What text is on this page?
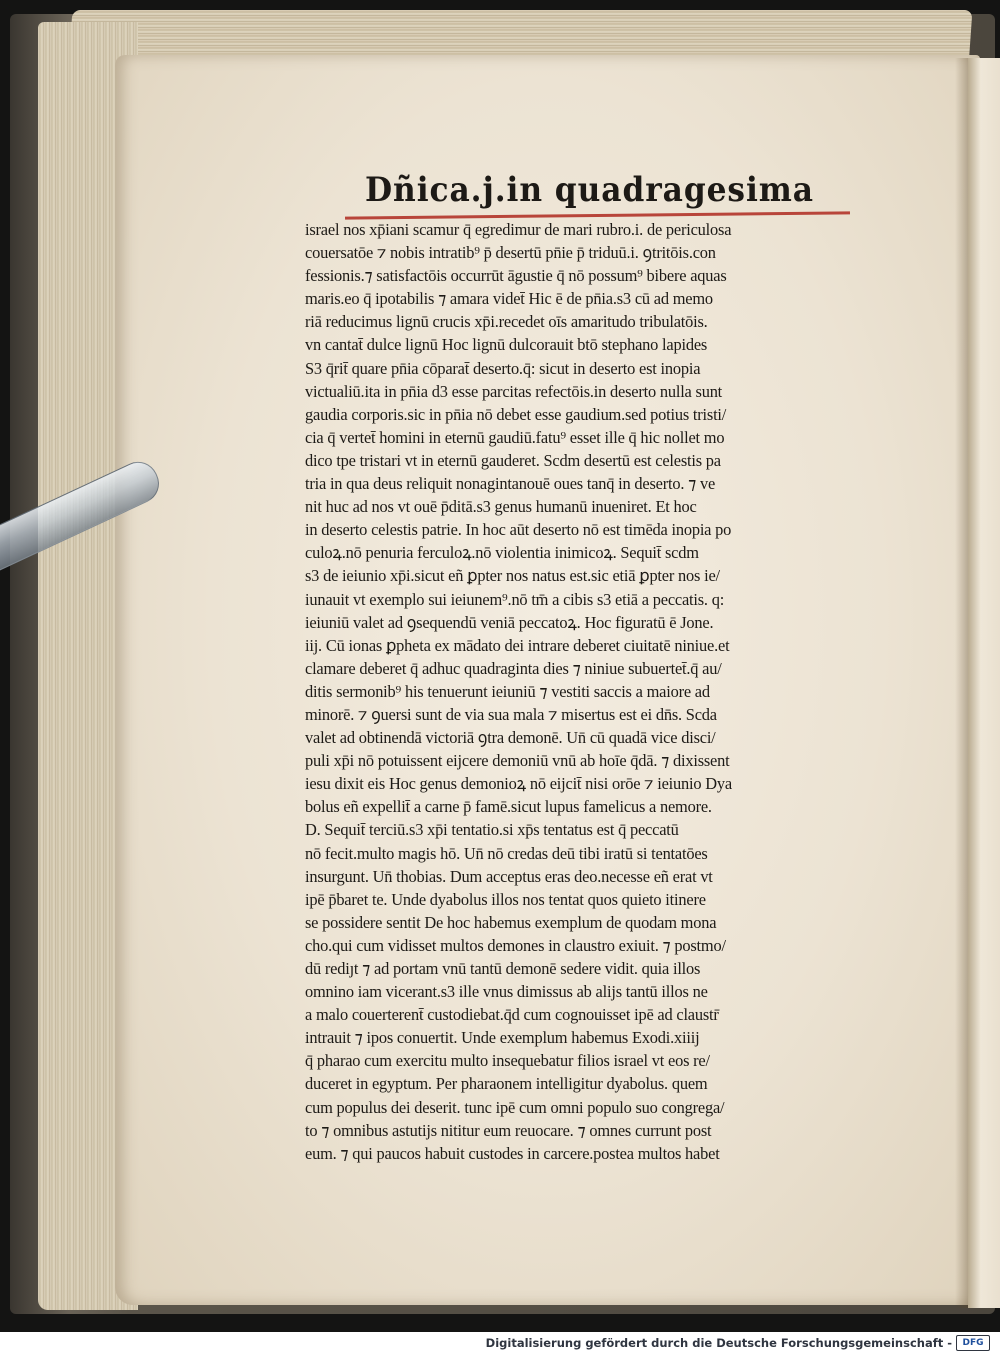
Dñica.j.in quadragesima
israel nos xp̄iani scamur q̄ egredimur de mari rubro.i. de periculosa
couersatōe ⁊ nobis intratib⁹ p̄ desertū pn̄ie p̄ triduū.i. ꝯtritōis.con
fessionis.⁊ satisfactōis occurrūt āgustie q̄ nō possum⁹ bibere aquas
maris.eo q̄ ipotabilis ⁊ amara videt̄ Hic ē de pn̄ia.s3 cū ad memo
riā reducimus lignū crucis xp̄i.recedet oīs amaritudo tribulatōis.
vn cantat̄ dulce lignū Hoc lignū dulcorauit btō stephano lapides
S3 q̄rit̄ quare pn̄ia cōparat̄ deserto.q̄: sicut in deserto est inopia
victualiū.ita in pn̄ia d3 esse parcitas refectōis.in deserto nulla sunt
gaudia corporis.sic in pn̄ia nō debet esse gaudium.sed potius tristi/
cia q̄ vertet̄ homini in eternū gaudiū.fatu⁹ esset ille q̄ hic nollet mo
dico tpe tristari vt in eternū gauderet. Scdm desertū est celestis pa
tria in qua deus reliquit nonagintanouē oues tanq̄ in deserto. ⁊ ve
nit huc ad nos vt ouē p̄ditā.s3 genus humanū inueniret. Et hoc
in deserto celestis patrie. In hoc aūt deserto nō est timēda inopia po
culoꝝ.nō penuria ferculoꝝ.nō violentia inimicoꝝ. Sequit̄ scdm
s3 de ieiunio xp̄i.sicut eñ ꝑpter nos natus est.sic etiā ꝑpter nos ie/
iunauit vt exemplo sui ieiunem⁹.nō tm̄ a cibis s3 etiā a peccatis. q:
ieiuniū valet ad ꝯsequendū veniā peccatoꝝ. Hoc figuratū ē Jone.
iij. Cū ionas ꝑpheta ex mādato dei intrare deberet ciuitatē niniue.et
clamare deberet q̄ adhuc quadraginta dies ⁊ niniue subuertet̄.q̄ au/
ditis sermonib⁹ his tenuerunt ieiuniū ⁊ vestiti saccis a maiore ad
minorē. ⁊ ꝯuersi sunt de via sua mala ⁊ misertus est ei dn̄s. Scda
valet ad obtinendā victoriā ꝯtra demonē. Un̄ cū quadā vice disci/
puli xp̄i nō potuissent eijcere demoniū vnū ab hoīe q̄dā. ⁊ dixissent
iesu dixit eis Hoc genus demonioꝝ nō eijcit̄ nisi orōe ⁊ ieiunio Dya
bolus eñ expellit̄ a carne p̄ famē.sicut lupus famelicus a nemore.
D. Sequit̄ terciū.s3 xp̄i tentatio.si xp̄s tentatus est q̄ peccatū
nō fecit.multo magis hō. Un̄ nō credas deū tibi iratū si tentatōes
insurgunt. Un̄ thobias. Dum acceptus eras deo.necesse eñ erat vt
ipē p̄baret te. Unde dyabolus illos nos tentat quos quieto itinere
se possidere sentit De hoc habemus exemplum de quodam mona
cho.qui cum vidisset multos demones in claustro exiuit. ⁊ postmo/
dū rediȷt ⁊ ad portam vnū tantū demonē sedere vidit. quia illos
omnino iam vicerant.s3 ille vnus dimissus ab alijs tantū illos ne
a malo couerterent̄ custodiebat.q̄d cum cognouisset ipē ad claustr̄
intrauit ⁊ ipos conuertit. Unde exemplum habemus Exodi.xiiij
q̄ pharao cum exercitu multo insequebatur filios israel vt eos re/
duceret in egyptum. Per pharaonem intelligitur dyabolus. quem
cum populus dei deserit. tunc ipē cum omni populo suo congrega/
to ⁊ omnibus astutijs nititur eum reuocare. ⁊ omnes currunt post
eum. ⁊ qui paucos habuit custodes in carcere.postea multos habet
Digitalisierung gefördert durch die Deutsche Forschungsgemeinschaft -	DFG
